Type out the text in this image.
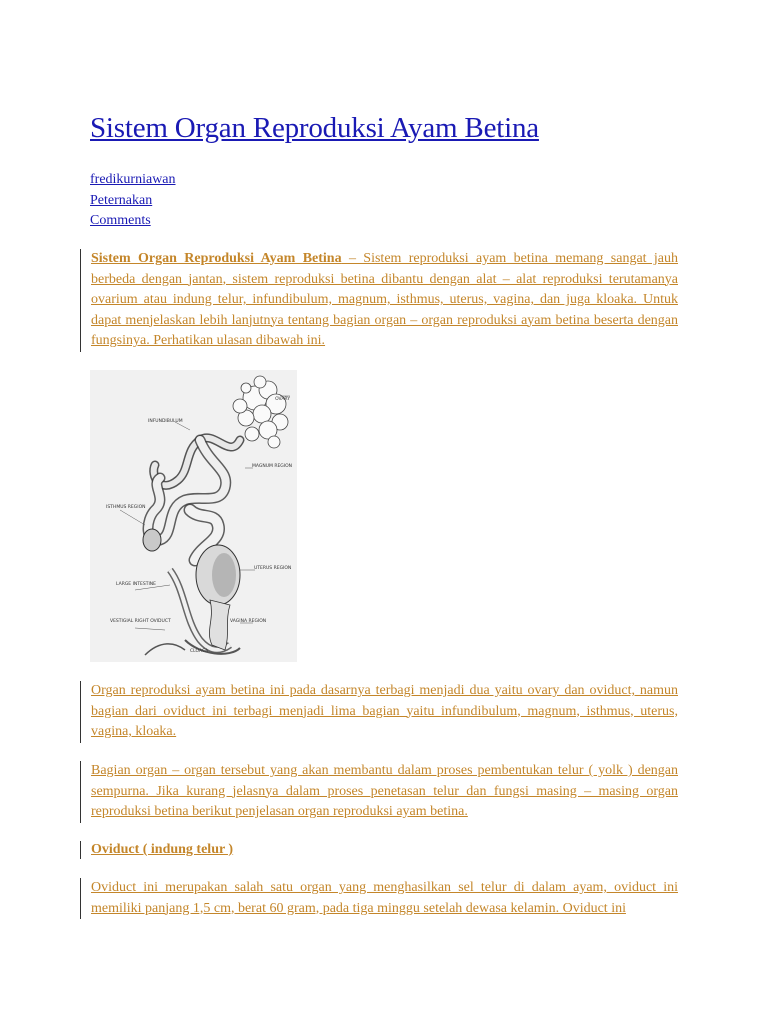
Sistem Organ Reproduksi Ayam Betina
fredikurniawan
Peternakan
Comments

Sistem Organ Reproduksi Ayam Betina – Sistem reproduksi ayam betina memang sangat jauh berbeda dengan jantan, sistem reproduksi betina dibantu dengan alat – alat reproduksi terutamanya ovarium atau indung telur, infundibulum, magnum, isthmus, uterus, vagina, dan juga kloaka. Untuk dapat menjelaskan lebih lanjutnya tentang bagian organ – organ reproduksi ayam betina beserta dengan fungsinya. Perhatikan ulasan dibawah ini.

OVARY
INFUNDIBULUM
MAGNUM REGION
ISTHMUS REGION
UTERUS REGION
LARGE INTESTINE
VESTIGIAL RIGHT OVIDUCT	VAGINA REGION
CLOACA

Organ reproduksi ayam betina ini pada dasarnya terbagi menjadi dua yaitu ovary dan oviduct, namun bagian dari oviduct ini terbagi menjadi lima bagian yaitu infundibulum, magnum, isthmus, uterus, vagina, kloaka.

Bagian organ – organ tersebut yang akan membantu dalam proses pembentukan telur ( yolk ) dengan sempurna. Jika kurang jelasnya dalam proses penetasan telur dan fungsi masing – masing organ reproduksi betina berikut penjelasan organ reproduksi ayam betina.

Oviduct ( indung telur )

Oviduct ini merupakan salah satu organ yang menghasilkan sel telur di dalam ayam, oviduct ini memiliki panjang 1,5 cm, berat 60 gram, pada tiga minggu setelah dewasa kelamin. Oviduct ini
